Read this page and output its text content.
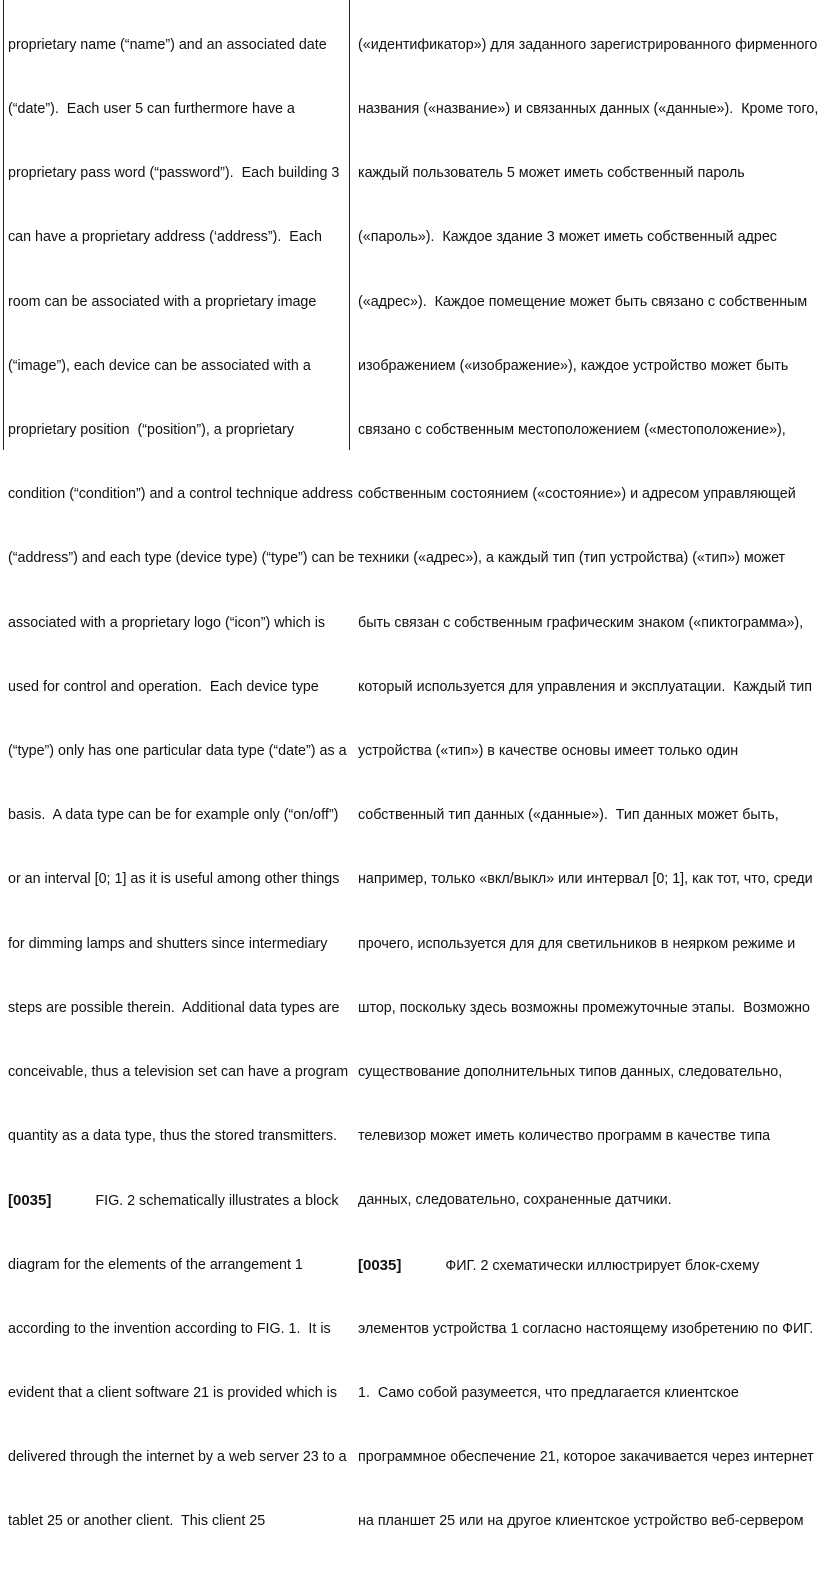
proprietary name (“name”) and an associated date

(“date”).  Each user 5 can furthermore have a

proprietary pass word (“password”).  Each building 3

can have a proprietary address (‘address”).  Each

room can be associated with a proprietary image

(“image”), each device can be associated with a

proprietary position  (“position”), a proprietary

condition (“condition”) and a control technique address

(“address”) and each type (device type) (“type”) can be

associated with a proprietary logo (“icon”) which is

used for control and operation.  Each device type

(“type”) only has one particular data type (“date”) as a

basis.  A data type can be for example only (“on/off”)

or an interval [0; 1] as it is useful among other things

for dimming lamps and shutters since intermediary

steps are possible therein.  Additional data types are

conceivable, thus a television set can have a program

quantity as a data type, thus the stored transmitters.

[0035]	FIG. 2 schematically illustrates a block

diagram for the elements of the arrangement 1

according to the invention according to FIG. 1.  It is

evident that a client software 21 is provided which is

delivered through the internet by a web server 23 to a

tablet 25 or another client.  This client 25

(«идентификатор») для заданного зарегистрированного фирменного

названия («название») и связанных данных («данные»).  Кроме того,

каждый пользователь 5 может иметь собственный пароль

(«пароль»).  Каждое здание 3 может иметь собственный адрес

(«адрес»).  Каждое помещение может быть связано с собственным

изображением («изображение»), каждое устройство может быть

связано с собственным местоположением («местоположение»),

собственным состоянием («состояние») и адресом управляющей

техники («адрес»), а каждый тип (тип устройства) («тип») может

быть связан с собственным графическим знаком («пиктограмма»),

который используется для управления и эксплуатации.  Каждый тип

устройства («тип») в качестве основы имеет только один

собственный тип данных («данные»).  Тип данных может быть,

например, только «вкл/выкл» или интервал [0; 1], как тот, что, среди

прочего, используется для для светильников в неярком режиме и

штор, поскольку здесь возможны промежуточные этапы.  Возможно

существование дополнительных типов данных, следовательно,

телевизор может иметь количество программ в качестве типа

данных, следовательно, сохраненные датчики.

[0035]	ФИГ. 2 схематически иллюстрирует блок-схему

элементов устройства 1 согласно настоящему изобретению по ФИГ.

1.  Само собой разумеется, что предлагается клиентское

программное обеспечение 21, которое закачивается через интернет

на планшет 25 или на другое клиентское устройство веб-сервером
